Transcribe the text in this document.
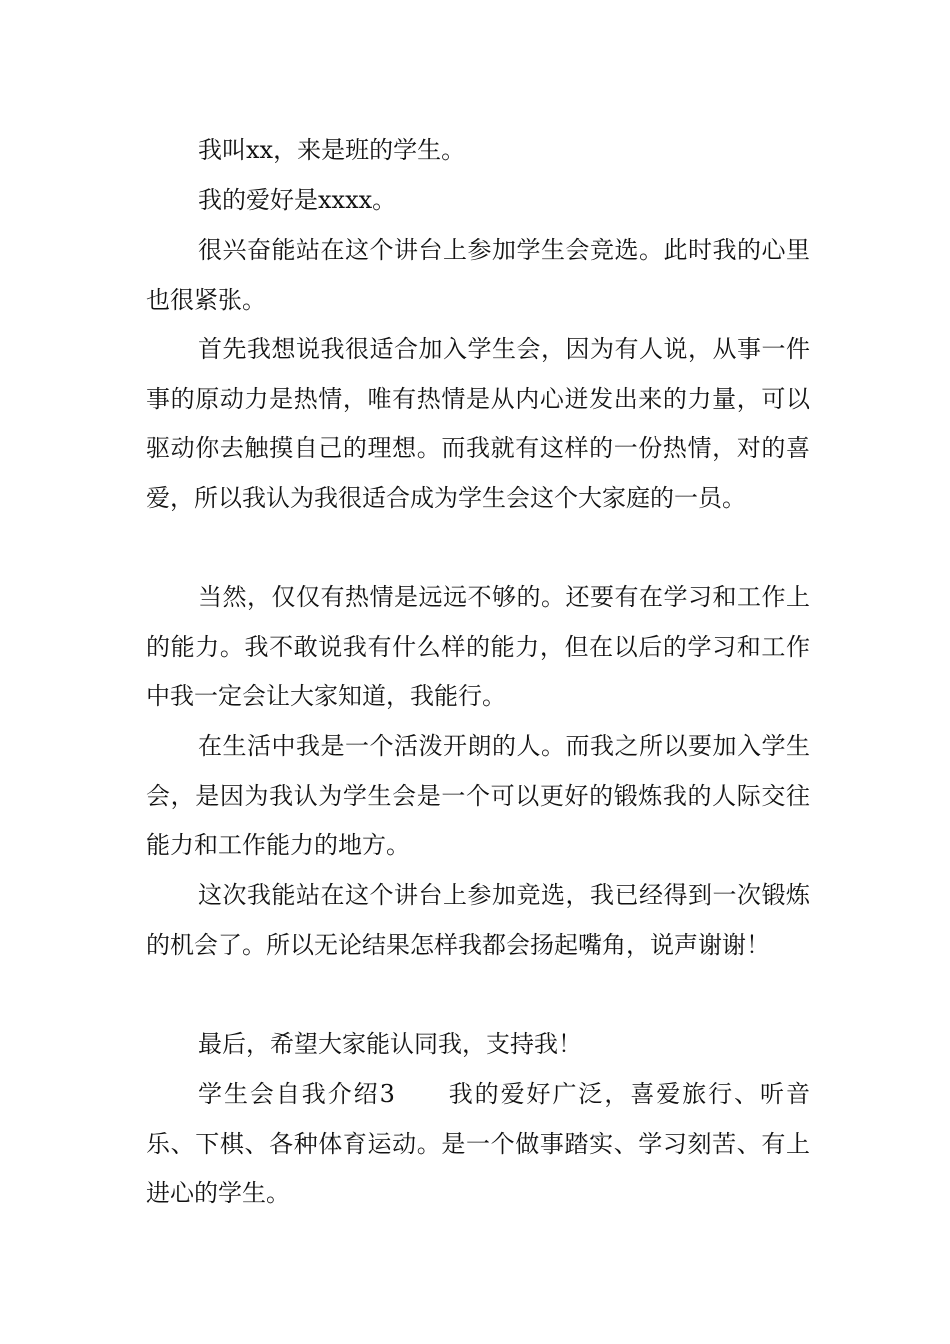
我叫xx，来是班的学生。

我的爱好是xxxx。

很兴奋能站在这个讲台上参加学生会竞选。此时我的心里也很紧张。

首先我想说我很适合加入学生会，因为有人说，从事一件事的原动力是热情，唯有热情是从内心迸发出来的力量，可以驱动你去触摸自己的理想。而我就有这样的一份热情，对的喜爱，所以我认为我很适合成为学生会这个大家庭的一员。

当然，仅仅有热情是远远不够的。还要有在学习和工作上的能力。我不敢说我有什么样的能力，但在以后的学习和工作中我一定会让大家知道，我能行。

在生活中我是一个活泼开朗的人。而我之所以要加入学生会，是因为我认为学生会是一个可以更好的锻炼我的人际交往能力和工作能力的地方。

这次我能站在这个讲台上参加竞选，我已经得到一次锻炼的机会了。所以无论结果怎样我都会扬起嘴角，说声谢谢！

最后，希望大家能认同我，支持我！

学生会自我介绍3　　我的爱好广泛，喜爱旅行、听音乐、下棋、各种体育运动。是一个做事踏实、学习刻苦、有上进心的学生。
